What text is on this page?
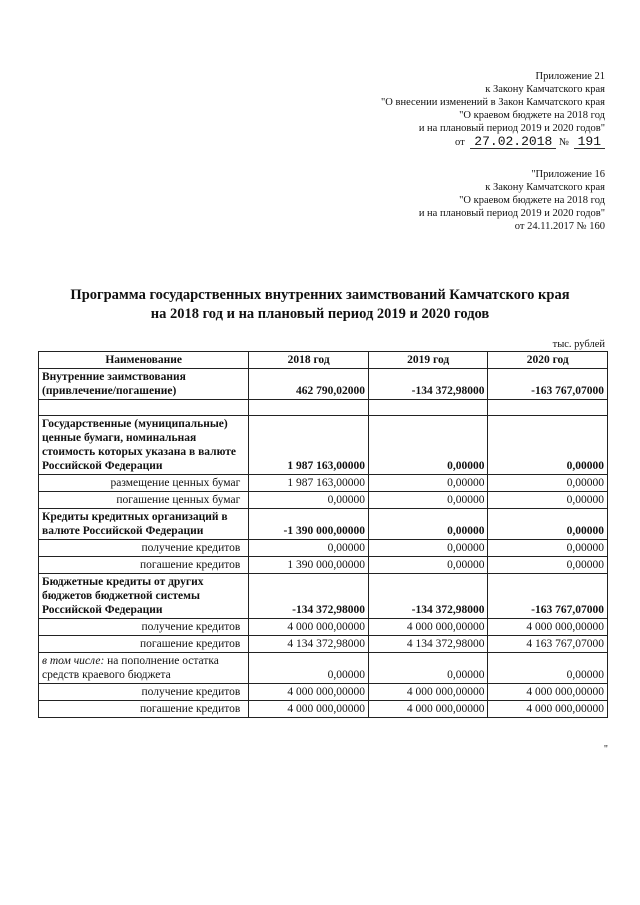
Приложение 21
к Закону Камчатского края
"О внесении изменений в Закон Камчатского края
"О краевом бюджете на 2018 год
и на плановый период 2019 и 2020 годов"
от 27.02.2018 № 191
"Приложение 16
к Закону Камчатского края
"О краевом бюджете на 2018 год
и на плановый период 2019 и 2020 годов"
от 24.11.2017 № 160
Программа государственных внутренних заимствований Камчатского края
на 2018 год и на плановый период 2019 и 2020 годов
тыс. рублей
Наименование	2018 год	2019 год	2020 год
Внутренние заимствования (привлечение/погашение)	462 790,02000	-134 372,98000	-163 767,07000

Государственные (муниципальные) ценные бумаги, номинальная стоимость которых указана в валюте Российской Федерации	1 987 163,00000	0,00000	0,00000
размещение ценных бумаг	1 987 163,00000	0,00000	0,00000
погашение ценных бумаг	0,00000	0,00000	0,00000
Кредиты кредитных организаций в валюте Российской Федерации	-1 390 000,00000	0,00000	0,00000
получение кредитов	0,00000	0,00000	0,00000
погашение кредитов	1 390 000,00000	0,00000	0,00000
Бюджетные кредиты от других бюджетов бюджетной системы Российской Федерации	-134 372,98000	-134 372,98000	-163 767,07000
получение кредитов	4 000 000,00000	4 000 000,00000	4 000 000,00000
погашение кредитов	4 134 372,98000	4 134 372,98000	4 163 767,07000
в том числе: на пополнение остатка средств краевого бюджета	0,00000	0,00000	0,00000
получение кредитов	4 000 000,00000	4 000 000,00000	4 000 000,00000
погашение кредитов	4 000 000,00000	4 000 000,00000	4 000 000,00000
"
